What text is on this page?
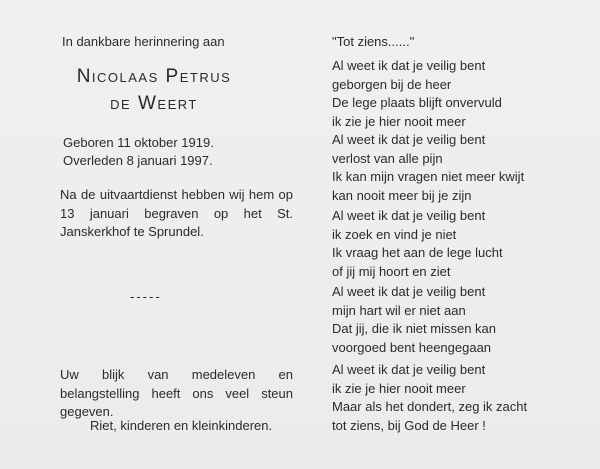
In dankbare herinnering aan
Nicolaas Petrus
de Weert
Geboren 11 oktober 1919.
Overleden 8 januari 1997.
Na de uitvaartdienst hebben wij hem op 13 januari begraven op het St. Janskerkhof te Sprundel.
-----
Uw blijk van medeleven en belangstelling heeft ons veel steun gegeven.
Riet, kinderen en kleinkinderen.
"Tot ziens......"
Al weet ik dat je veilig bent
geborgen bij de heer
De lege plaats blijft onvervuld
ik zie je hier nooit meer
Al weet ik dat je veilig bent
verlost van alle pijn
Ik kan mijn vragen niet meer kwijt
kan nooit meer bij je zijn
Al weet ik dat je veilig bent
ik zoek en vind je niet
Ik vraag het aan de lege lucht
of jij mij hoort en ziet
Al weet ik dat je veilig bent
mijn hart wil er niet aan
Dat jij, die ik niet missen kan
voorgoed bent heengegaan
Al weet ik dat je veilig bent
ik zie je hier nooit meer
Maar als het dondert, zeg ik zacht
tot ziens, bij God de Heer !
